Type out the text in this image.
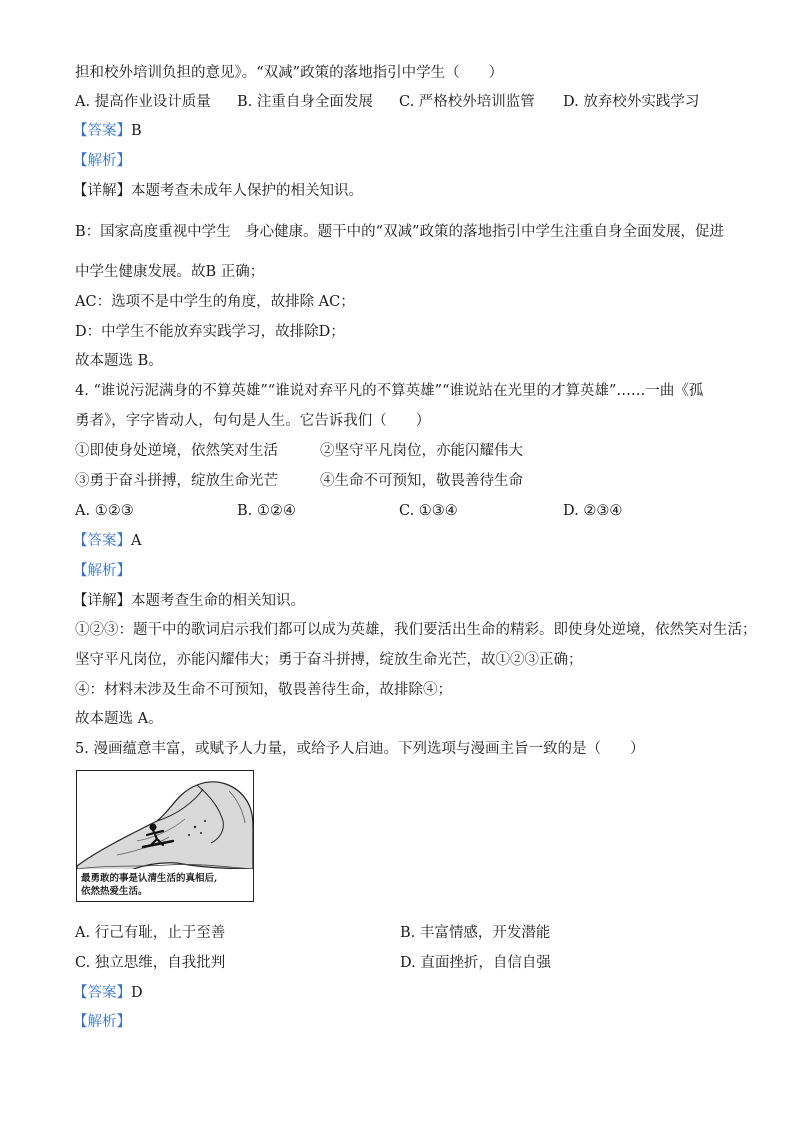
担和校外培训负担的意见》。“双减”政策的落地指引中学生（　　）
A. 提高作业设计质量 B. 注重自身全面发展 C. 严格校外培训监管 D. 放弃校外实践学习
【答案】B
【解析】
【详解】本题考查未成年人保护的相关知识。
B：国家高度重视中学生　身心健康。题干中的“双减”政策的落地指引中学生注重自身全面发展，促进
中学生健康发展。故B 正确；
AC：选项不是中学生的角度，故排除 AC；
D：中学生不能放弃实践学习，故排除D；
故本题选 B。
4. “谁说污泥满身的不算英雄”“谁说对弃平凡的不算英雄”“谁说站在光里的才算英雄”……一曲《孤
勇者》，字字皆动人，句句是人生。它告诉我们（　　）
①即使身处逆境，依然笑对生活	②坚守平凡岗位，亦能闪耀伟大
③勇于奋斗拼搏，绽放生命光芒	④生命不可预知，敬畏善待生命
A. ①②③	B. ①②④	C. ①③④	D. ②③④
【答案】A
【解析】
【详解】本题考查生命的相关知识。
①②③：题干中的歌词启示我们都可以成为英雄，我们要活出生命的精彩。即使身处逆境，依然笑对生活；
坚守平凡岗位，亦能闪耀伟大；勇于奋斗拼搏，绽放生命光芒，故①②③正确；
④：材料未涉及生命不可预知，敬畏善待生命，故排除④；
故本题选 A。
5. 漫画蕴意丰富，或赋予人力量，或给予人启迪。下列选项与漫画主旨一致的是（　　）
最勇敢的事是认清生活的真相后,
依然热爱生活。
A. 行己有耻，止于至善	B. 丰富情感，开发潜能
C. 独立思维，自我批判	D. 直面挫折，自信自强
【答案】D
【解析】
